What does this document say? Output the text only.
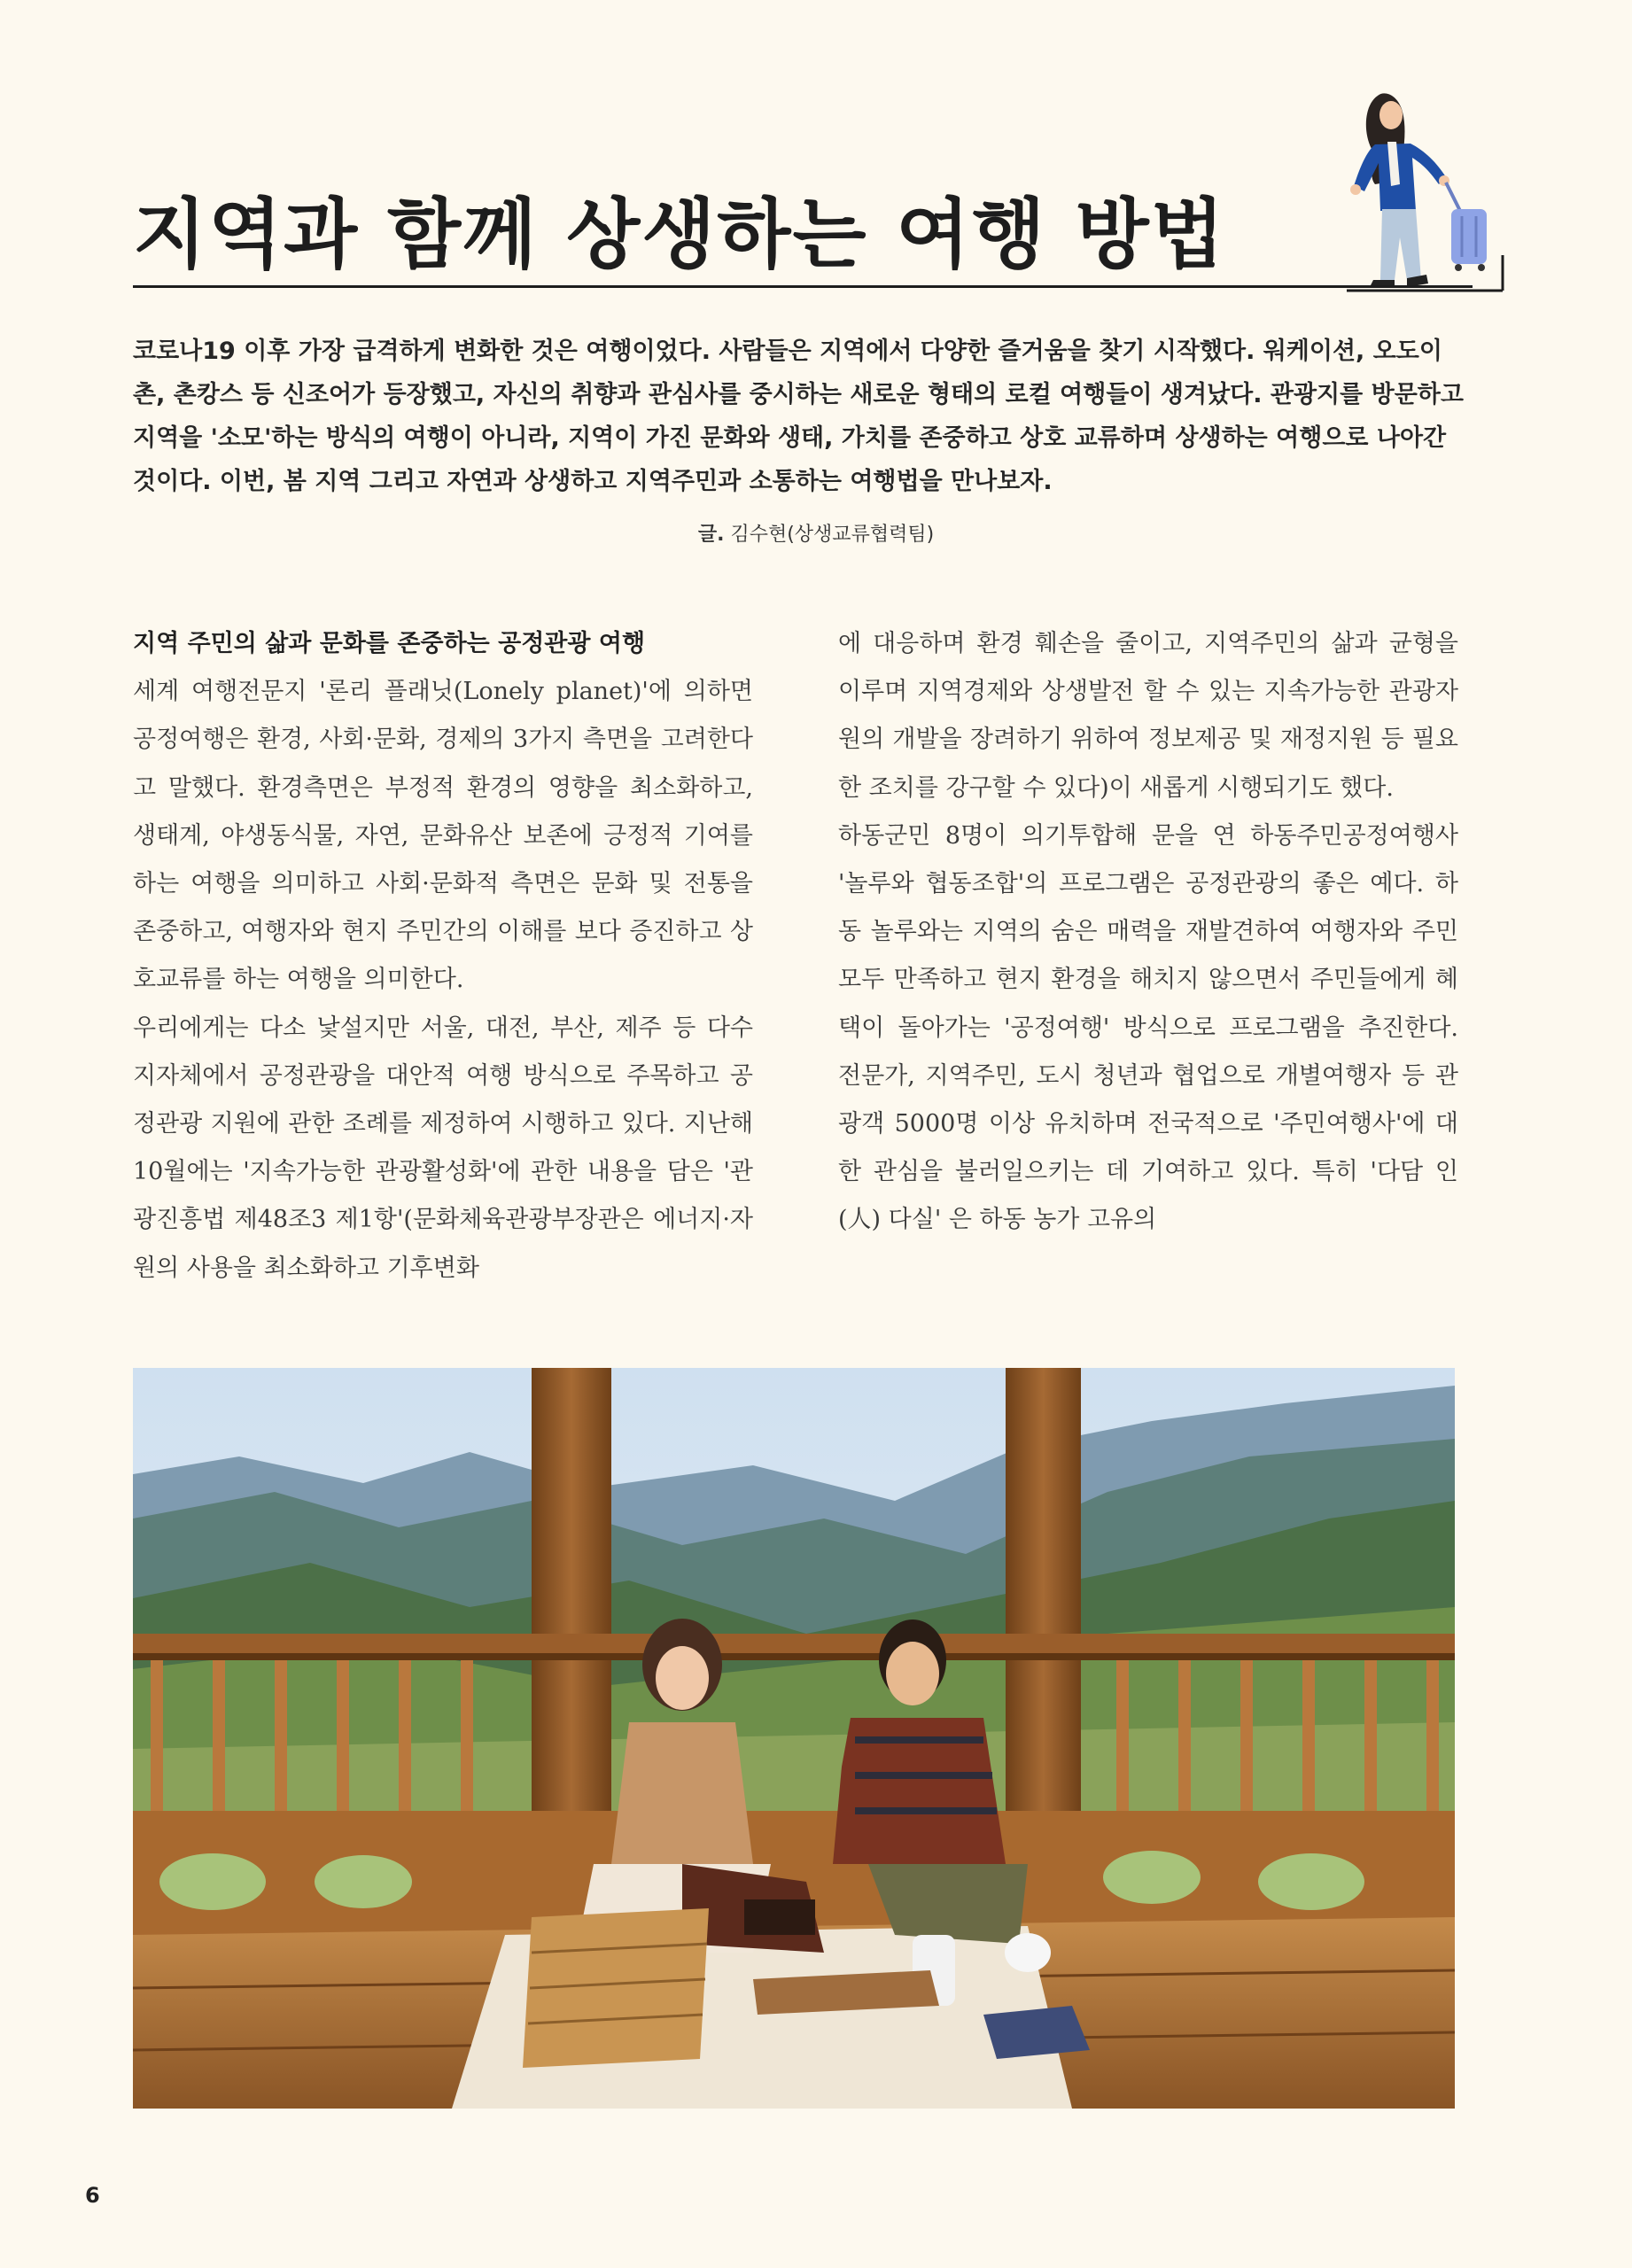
지역과 함께 상생하는 여행 방법

코로나19 이후 가장 급격하게 변화한 것은 여행이었다. 사람들은 지역에서 다양한 즐거움을 찾기 시작했다. 워케이션, 오도이촌, 촌캉스 등 신조어가 등장했고, 자신의 취향과 관심사를 중시하는 새로운 형태의 로컬 여행들이 생겨났다. 관광지를 방문하고 지역을 '소모'하는 방식의 여행이 아니라, 지역이 가진 문화와 생태, 가치를 존중하고 상호 교류하며 상생하는 여행으로 나아간 것이다. 이번, 봄 지역 그리고 자연과 상생하고 지역주민과 소통하는 여행법을 만나보자.

글. 김수현(상생교류협력팀)

지역 주민의 삶과 문화를 존중하는 공정관광 여행

세계 여행전문지 '론리 플래닛(Lonely planet)'에 의하면 공정여행은 환경, 사회·문화, 경제의 3가지 측면을 고려한다고 말했다. 환경측면은 부정적 환경의 영향을 최소화하고, 생태계, 야생동식물, 자연, 문화유산 보존에 긍정적 기여를 하는 여행을 의미하고 사회·문화적 측면은 문화 및 전통을 존중하고, 여행자와 현지 주민간의 이해를 보다 증진하고 상호교류를 하는 여행을 의미한다.

우리에게는 다소 낯설지만 서울, 대전, 부산, 제주 등 다수 지자체에서 공정관광을 대안적 여행 방식으로 주목하고 공정관광 지원에 관한 조례를 제정하여 시행하고 있다. 지난해 10월에는 '지속가능한 관광활성화'에 관한 내용을 담은 '관광진흥법 제48조3 제1항'(문화체육관광부장관은 에너지·자원의 사용을 최소화하고 기후변화

에 대응하며 환경 훼손을 줄이고, 지역주민의 삶과 균형을 이루며 지역경제와 상생발전 할 수 있는 지속가능한 관광자원의 개발을 장려하기 위하여 정보제공 및 재정지원 등 필요한 조치를 강구할 수 있다)이 새롭게 시행되기도 했다.

하동군민 8명이 의기투합해 문을 연 하동주민공정여행사 '놀루와 협동조합'의 프로그램은 공정관광의 좋은 예다. 하동 놀루와는 지역의 숨은 매력을 재발견하여 여행자와 주민 모두 만족하고 현지 환경을 해치지 않으면서 주민들에게 혜택이 돌아가는 '공정여행' 방식으로 프로그램을 추진한다. 전문가, 지역주민, 도시 청년과 협업으로 개별여행자 등 관광객 5000명 이상 유치하며 전국적으로 '주민여행사'에 대한 관심을 불러일으키는 데 기여하고 있다. 특히 '다담 인(人) 다실' 은 하동 농가 고유의

6
